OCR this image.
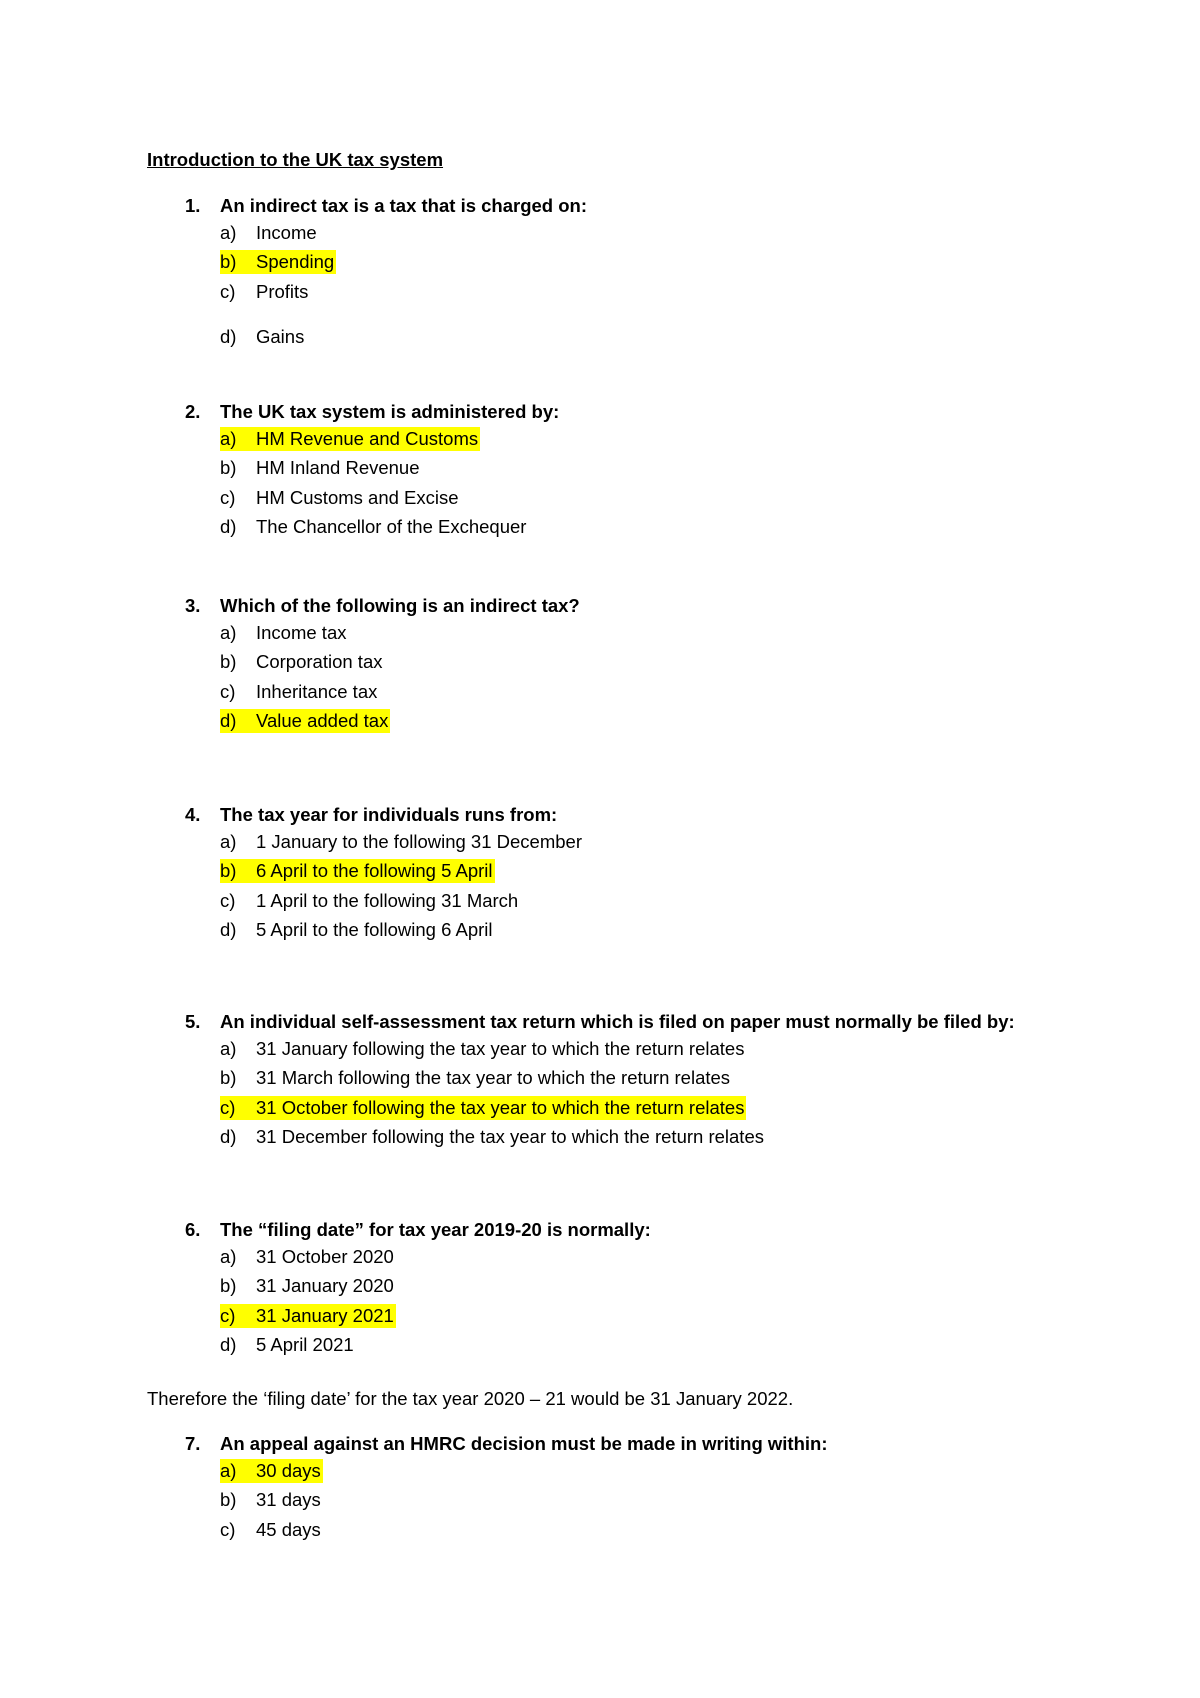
Introduction to the UK tax system
1. An indirect tax is a tax that is charged on:
a) Income
b) Spending
c) Profits
d) Gains
2. The UK tax system is administered by:
a) HM Revenue and Customs
b) HM Inland Revenue
c) HM Customs and Excise
d) The Chancellor of the Exchequer
3. Which of the following is an indirect tax?
a) Income tax
b) Corporation tax
c) Inheritance tax
d) Value added tax
4. The tax year for individuals runs from:
a) 1 January to the following 31 December
b) 6 April to the following 5 April
c) 1 April to the following 31 March
d) 5 April to the following 6 April
5. An individual self-assessment tax return which is filed on paper must normally be filed by:
a) 31 January following the tax year to which the return relates
b) 31 March following the tax year to which the return relates
c) 31 October following the tax year to which the return relates
d) 31 December following the tax year to which the return relates
6. The “filing date” for tax year 2019-20 is normally:
a) 31 October 2020
b) 31 January 2020
c) 31 January 2021
d) 5 April 2021

Therefore the ‘filing date’ for the tax year 2020 – 21 would be 31 January 2022.

7. An appeal against an HMRC decision must be made in writing within:
a) 30 days
b) 31 days
c) 45 days
